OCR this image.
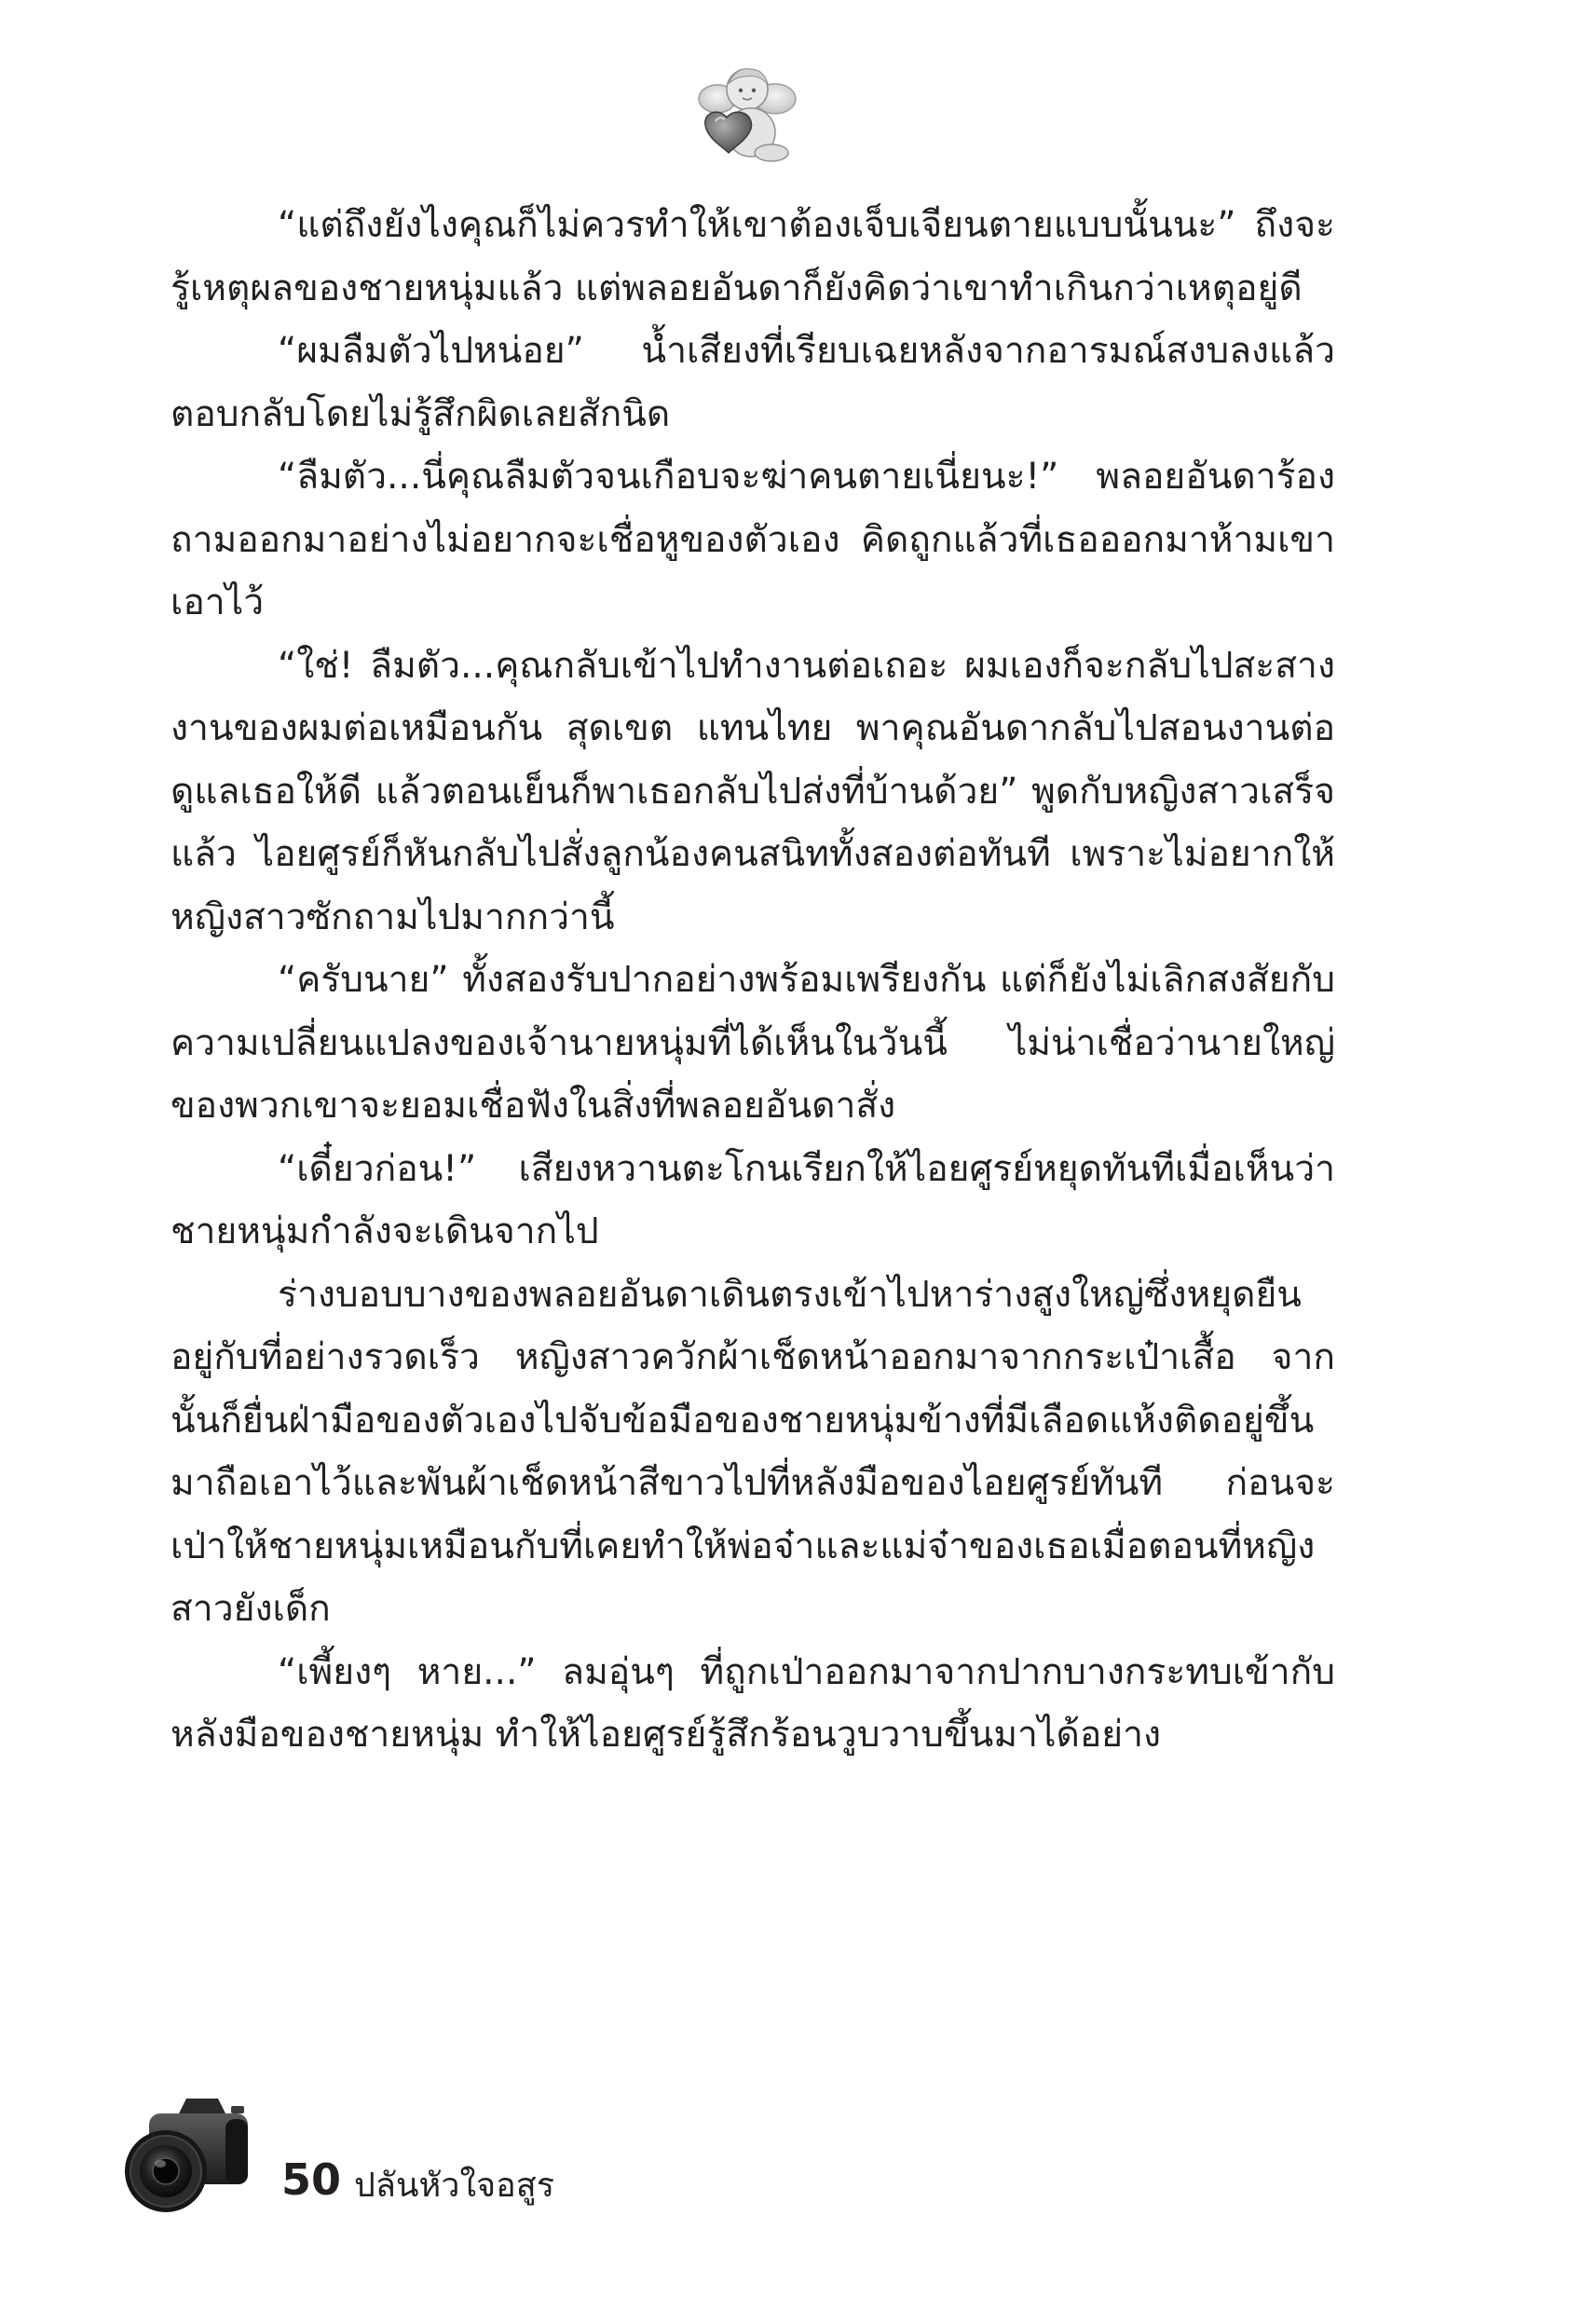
“แต่ถึงยังไงคุณก็ไม่ควรทำให้เขาต้องเจ็บเจียนตายแบบนั้นนะ” ถึงจะรู้เหตุผลของชายหนุ่มแล้ว แต่พลอยอันดาก็ยังคิดว่าเขาทำเกินกว่าเหตุอยู่ดี

“ผมลืมตัวไปหน่อย” น้ำเสียงที่เรียบเฉยหลังจากอารมณ์สงบลงแล้วตอบกลับโดยไม่รู้สึกผิดเลยสักนิด

“ลืมตัว...นี่คุณลืมตัวจนเกือบจะฆ่าคนตายเนี่ยนะ!” พลอยอันดาร้องถามออกมาอย่างไม่อยากจะเชื่อหูของตัวเอง คิดถูกแล้วที่เธอออกมาห้ามเขาเอาไว้

“ใช่! ลืมตัว...คุณกลับเข้าไปทำงานต่อเถอะ ผมเองก็จะกลับไปสะสางงานของผมต่อเหมือนกัน สุดเขต แทนไทย พาคุณอันดากลับไปสอนงานต่อ ดูแลเธอให้ดี แล้วตอนเย็นก็พาเธอกลับไปส่งที่บ้านด้วย” พูดกับหญิงสาวเสร็จแล้ว ไอยศูรย์ก็หันกลับไปสั่งลูกน้องคนสนิททั้งสองต่อทันที เพราะไม่อยากให้หญิงสาวซักถามไปมากกว่านี้

“ครับนาย” ทั้งสองรับปากอย่างพร้อมเพรียงกัน แต่ก็ยังไม่เลิกสงสัยกับความเปลี่ยนแปลงของเจ้านายหนุ่มที่ได้เห็นในวันนี้ ไม่น่าเชื่อว่านายใหญ่ของพวกเขาจะยอมเชื่อฟังในสิ่งที่พลอยอันดาสั่ง

“เดี๋ยวก่อน!” เสียงหวานตะโกนเรียกให้ไอยศูรย์หยุดทันทีเมื่อเห็นว่าชายหนุ่มกำลังจะเดินจากไป

ร่างบอบบางของพลอยอันดาเดินตรงเข้าไปหาร่างสูงใหญ่ซึ่งหยุดยืนอยู่กับที่อย่างรวดเร็ว หญิงสาวควักผ้าเช็ดหน้าออกมาจากกระเป๋าเสื้อ จากนั้นก็ยื่นฝ่ามือของตัวเองไปจับข้อมือของชายหนุ่มข้างที่มีเลือดแห้งติดอยู่ขึ้นมาถือเอาไว้และพันผ้าเช็ดหน้าสีขาวไปที่หลังมือของไอยศูรย์ทันที ก่อนจะเป่าให้ชายหนุ่มเหมือนกับที่เคยทำให้พ่อจ๋าและแม่จ๋าของเธอเมื่อตอนที่หญิงสาวยังเด็ก

“เพี้ยงๆ หาย...” ลมอุ่นๆ ที่ถูกเป่าออกมาจากปากบางกระทบเข้ากับหลังมือของชายหนุ่ม ทำให้ไอยศูรย์รู้สึกร้อนวูบวาบขึ้นมาได้อย่าง

50 ปลันหัวใจอสูร
